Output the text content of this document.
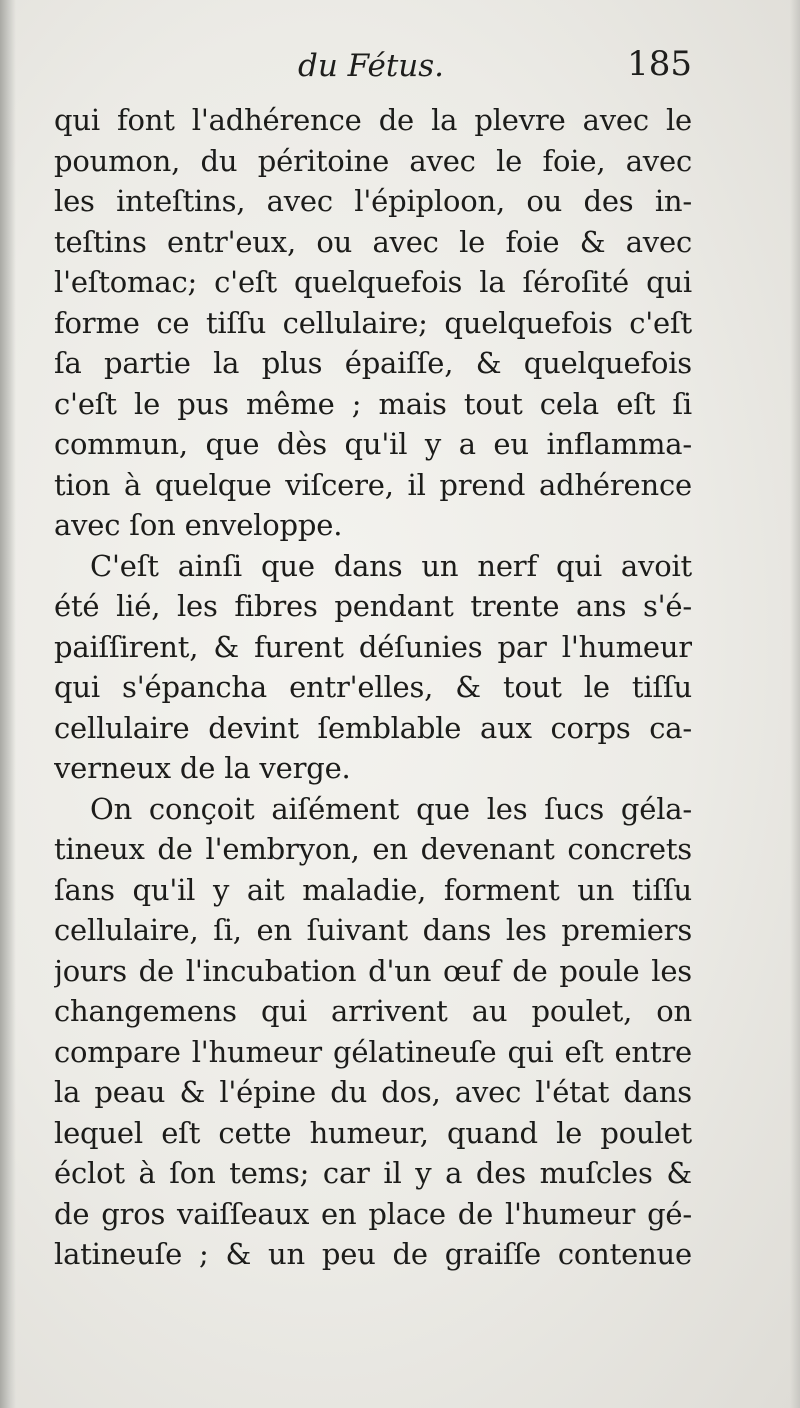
du Fétus.	185
qui font l'adhérence de la plevre avec le
poumon, du péritoine avec le foie, avec
les inteſtins, avec l'épiploon, ou des in-
teſtins entr'eux, ou avec le foie & avec
l'eſtomac; c'eſt quelquefois la ſéroſité qui
forme ce tiſſu cellulaire; quelquefois c'eſt
ſa partie la plus épaiſſe, & quelquefois
c'eſt le pus même ; mais tout cela eſt ſi
commun, que dès qu'il y a eu inflamma-
tion à quelque viſcere, il prend adhérence
avec ſon enveloppe.
C'eſt ainſi que dans un nerf qui avoit
été lié, les fibres pendant trente ans s'é-
paiſſirent, & furent déſunies par l'humeur
qui s'épancha entr'elles, & tout le tiſſu
cellulaire devint ſemblable aux corps ca-
verneux de la verge.
On conçoit aiſément que les ſucs géla-
tineux de l'embryon, en devenant concrets
ſans qu'il y ait maladie, forment un tiſſu
cellulaire, ſi, en ſuivant dans les premiers
jours de l'incubation d'un œuf de poule les
changemens qui arrivent au poulet, on
compare l'humeur gélatineuſe qui eſt entre
la peau & l'épine du dos, avec l'état dans
lequel eſt cette humeur, quand le poulet
éclot à ſon tems; car il y a des muſcles &
de gros vaiſſeaux en place de l'humeur gé-
latineuſe ; & un peu de graiſſe contenue
